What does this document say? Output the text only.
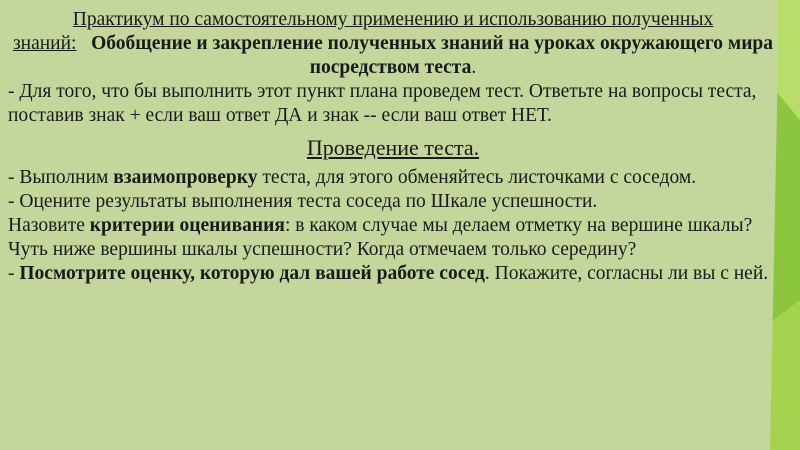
Практикум по самостоятельному применению и использованию полученных
знаний: Обобщение и закрепление полученных знаний на уроках окружающего мира посредством теста.

- Для того, что бы выполнить этот пункт плана проведем тест. Ответьте на вопросы теста, поставив знак + если ваш ответ ДА и знак -- если ваш ответ НЕТ.

Проведение теста.

- Выполним взаимопроверку теста, для этого обменяйтесь листочками с соседом.

- Оцените результаты выполнения теста соседа по Шкале успешности.

Назовите критерии оценивания: в каком случае мы делаем отметку на вершине шкалы? Чуть ниже вершины шкалы успешности? Когда отмечаем только середину?

- Посмотрите оценку, которую дал вашей работе сосед. Покажите, согласны ли вы с ней.
